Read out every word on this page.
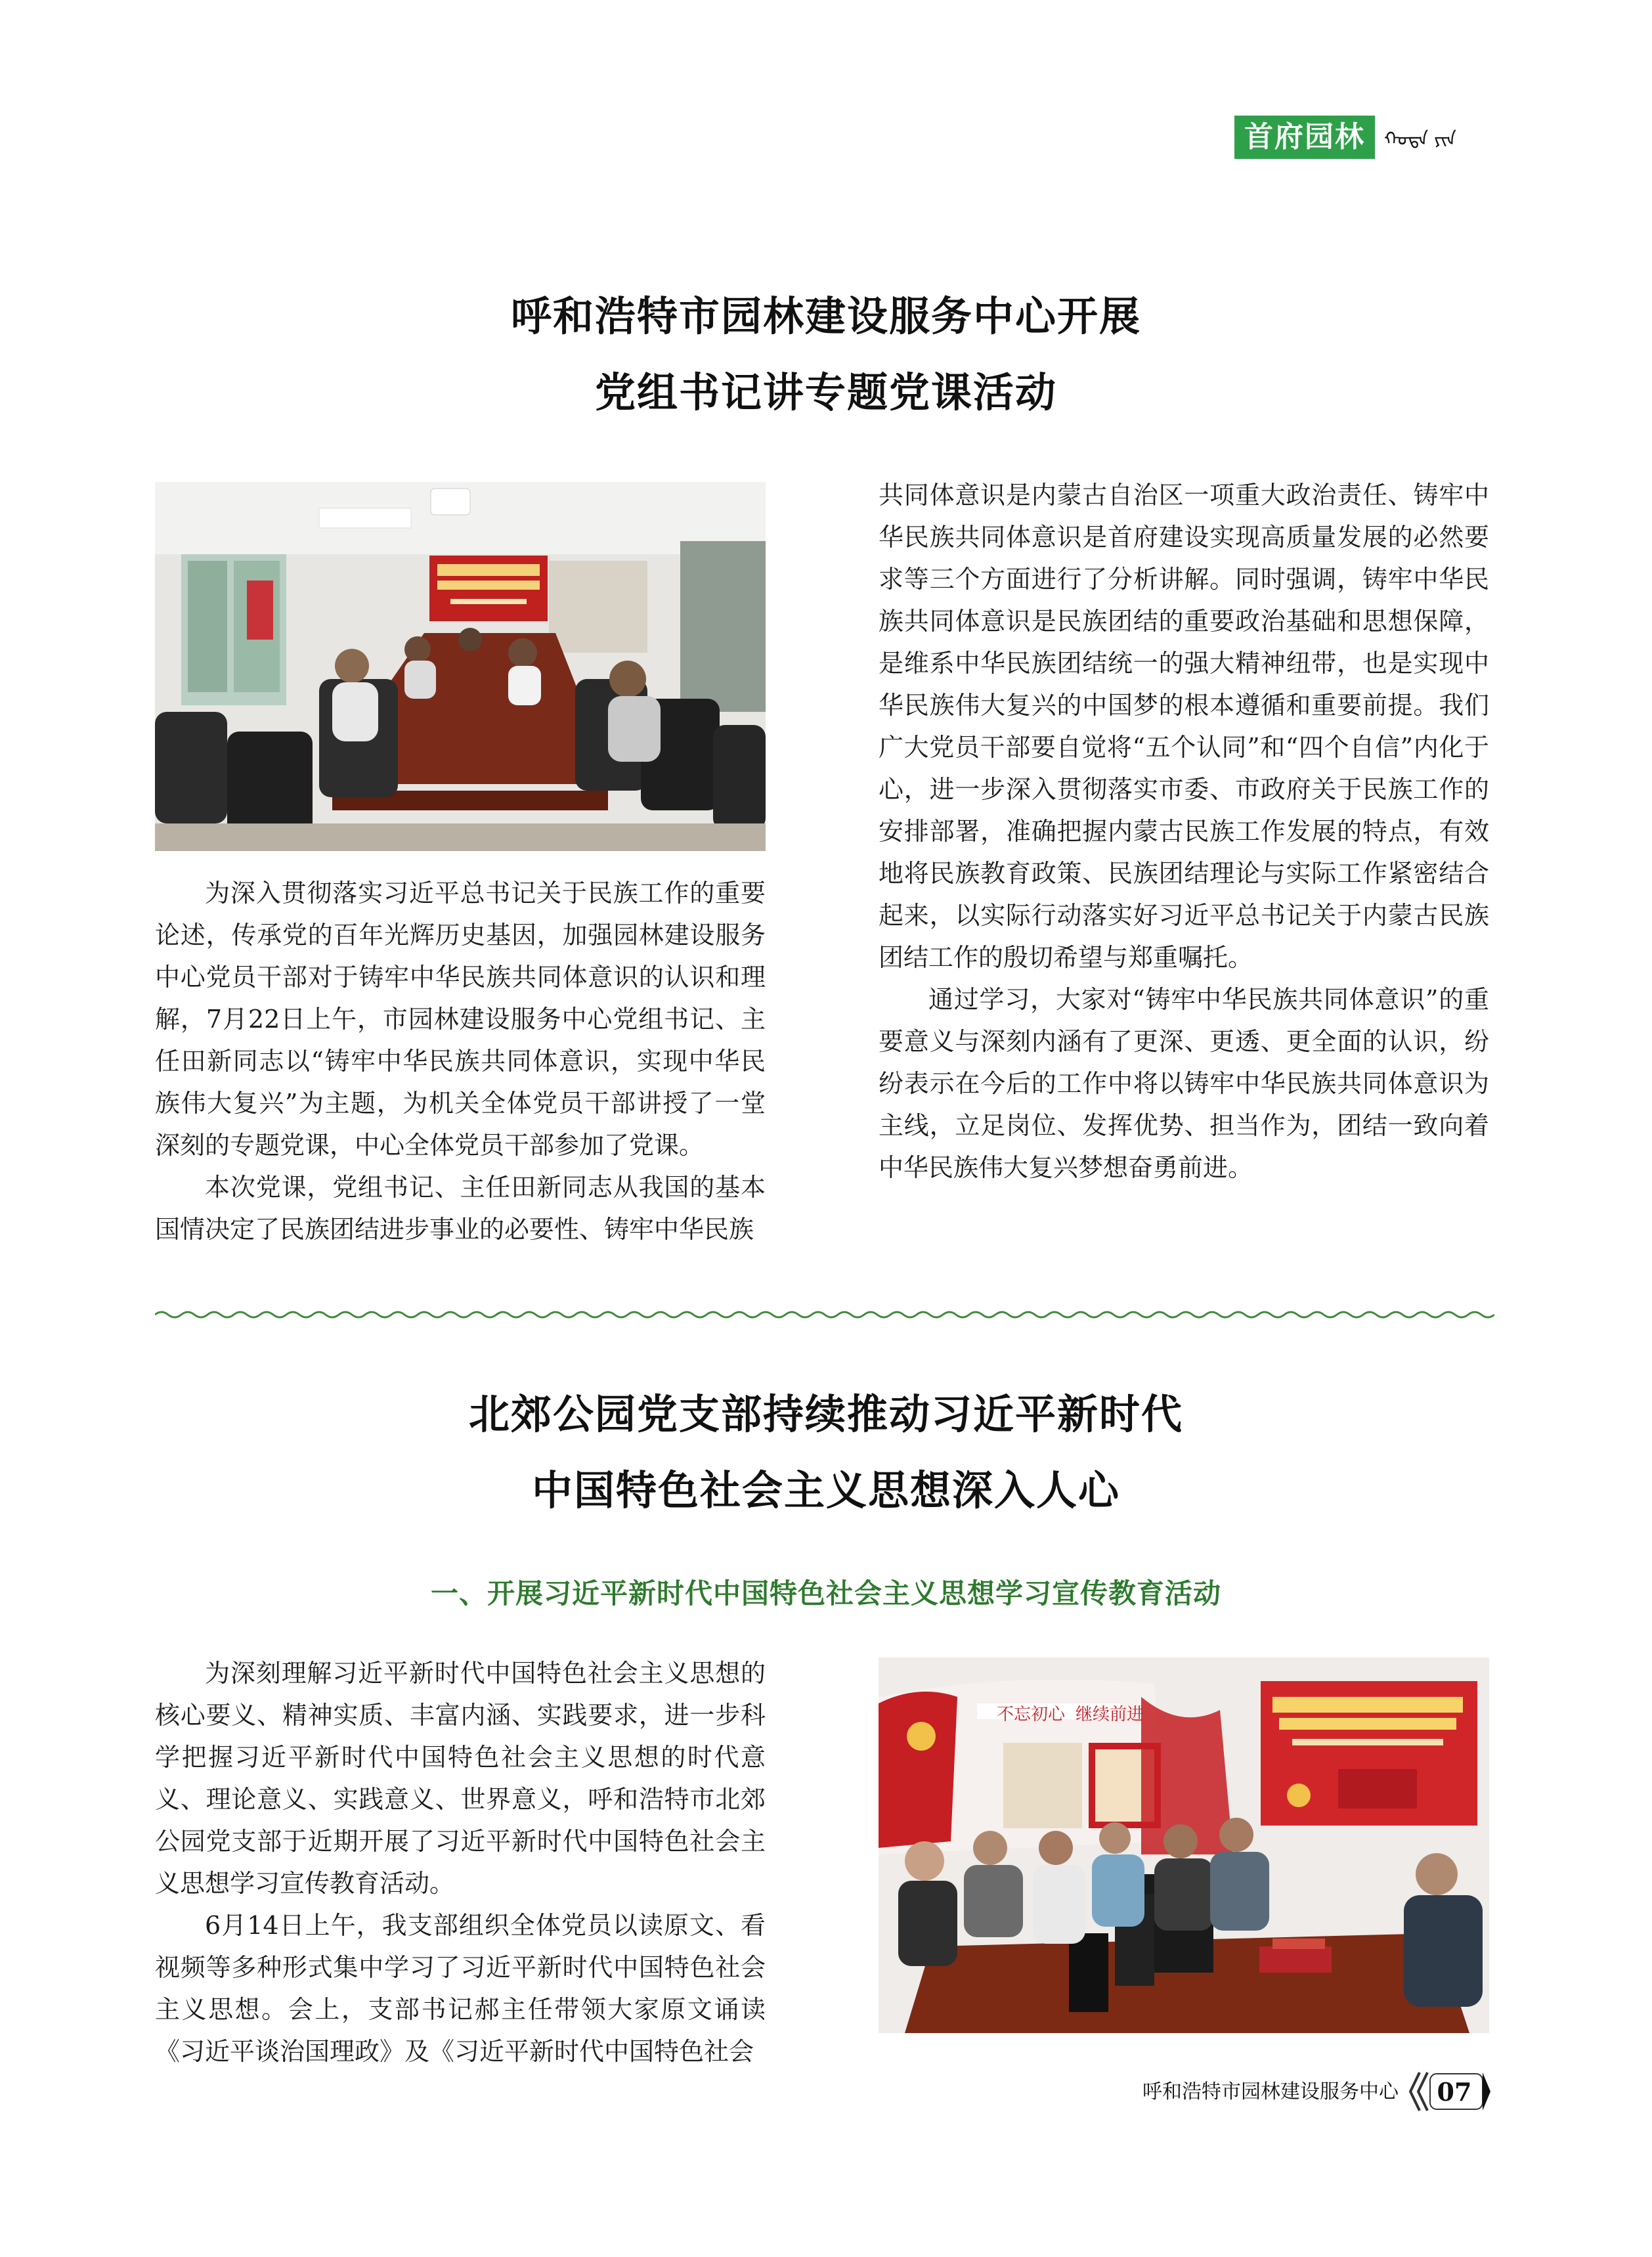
首府园林	ᠬᠣᠲᠠ ᠶᠢᠨ
呼和浩特市园林建设服务中心开展
党组书记讲专题党课活动

为深入贯彻落实习近平总书记关于民族工作的重要论述，传承党的百年光辉历史基因，加强园林建设服务中心党员干部对于铸牢中华民族共同体意识的认识和理解，7月22日上午，市园林建设服务中心党组书记、主任田新同志以“铸牢中华民族共同体意识，实现中华民族伟大复兴”为主题，为机关全体党员干部讲授了一堂深刻的专题党课，中心全体党员干部参加了党课。

本次党课，党组书记、主任田新同志从我国的基本国情决定了民族团结进步事业的必要性、铸牢中华民族

共同体意识是内蒙古自治区一项重大政治责任、铸牢中华民族共同体意识是首府建设实现高质量发展的必然要求等三个方面进行了分析讲解。同时强调，铸牢中华民族共同体意识是民族团结的重要政治基础和思想保障，是维系中华民族团结统一的强大精神纽带，也是实现中华民族伟大复兴的中国梦的根本遵循和重要前提。我们广大党员干部要自觉将“五个认同”和“四个自信”内化于心，进一步深入贯彻落实市委、市政府关于民族工作的安排部署，准确把握内蒙古民族工作发展的特点，有效地将民族教育政策、民族团结理论与实际工作紧密结合起来，以实际行动落实好习近平总书记关于内蒙古民族团结工作的殷切希望与郑重嘱托。

通过学习，大家对“铸牢中华民族共同体意识”的重要意义与深刻内涵有了更深、更透、更全面的认识，纷纷表示在今后的工作中将以铸牢中华民族共同体意识为主线，立足岗位、发挥优势、担当作为，团结一致向着中华民族伟大复兴梦想奋勇前进。

北郊公园党支部持续推动习近平新时代
中国特色社会主义思想深入人心
一、开展习近平新时代中国特色社会主义思想学习宣传教育活动

为深刻理解习近平新时代中国特色社会主义思想的核心要义、精神实质、丰富内涵、实践要求，进一步科学把握习近平新时代中国特色社会主义思想的时代意义、理论意义、实践意义、世界意义，呼和浩特市北郊公园党支部于近期开展了习近平新时代中国特色社会主义思想学习宣传教育活动。

6月14日上午，我支部组织全体党员以读原文、看视频等多种形式集中学习了习近平新时代中国特色社会主义思想。会上，支部书记郝主任带领大家原文诵读《习近平谈治国理政》及《习近平新时代中国特色社会

不忘初心 继续前进
呼和浩特市园林建设服务中心 07
